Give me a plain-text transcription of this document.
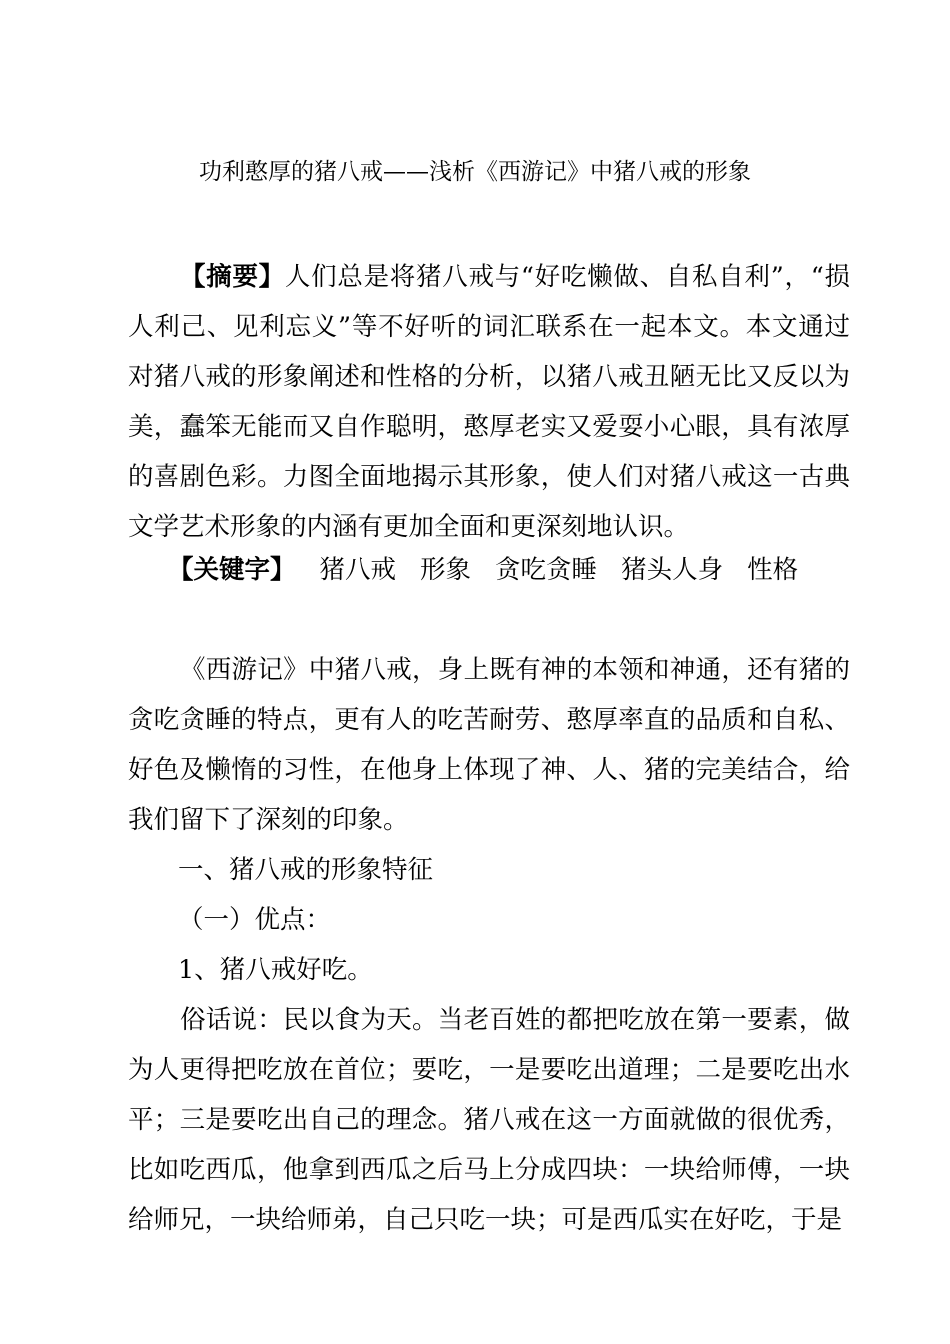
功利憨厚的猪八戒——浅析《西游记》中猪八戒的形象
【摘要】人们总是将猪八戒与“好吃懒做、自私自利”，“损人利己、见利忘义”等不好听的词汇联系在一起本文。本文通过对猪八戒的形象阐述和性格的分析，以猪八戒丑陋无比又反以为美，蠢笨无能而又自作聪明，憨厚老实又爱耍小心眼，具有浓厚的喜剧色彩。力图全面地揭示其形象，使人们对猪八戒这一古典文学艺术形象的内涵有更加全面和更深刻地认识。
【关键字】 猪八戒 形象 贪吃贪睡 猪头人身 性格
《西游记》中猪八戒，身上既有神的本领和神通，还有猪的贪吃贪睡的特点，更有人的吃苦耐劳、憨厚率直的品质和自私、好色及懒惰的习性，在他身上体现了神、人、猪的完美结合，给我们留下了深刻的印象。
一、猪八戒的形象特征
（一）优点：
1、猪八戒好吃。
俗话说：民以食为天。当老百姓的都把吃放在第一要素，做为人更得把吃放在首位；要吃，一是要吃出道理；二是要吃出水平；三是要吃出自己的理念。猪八戒在这一方面就做的很优秀，比如吃西瓜，他拿到西瓜之后马上分成四块：一块给师傅，一块给师兄，一块给师弟，自己只吃一块；可是西瓜实在好吃，于是
